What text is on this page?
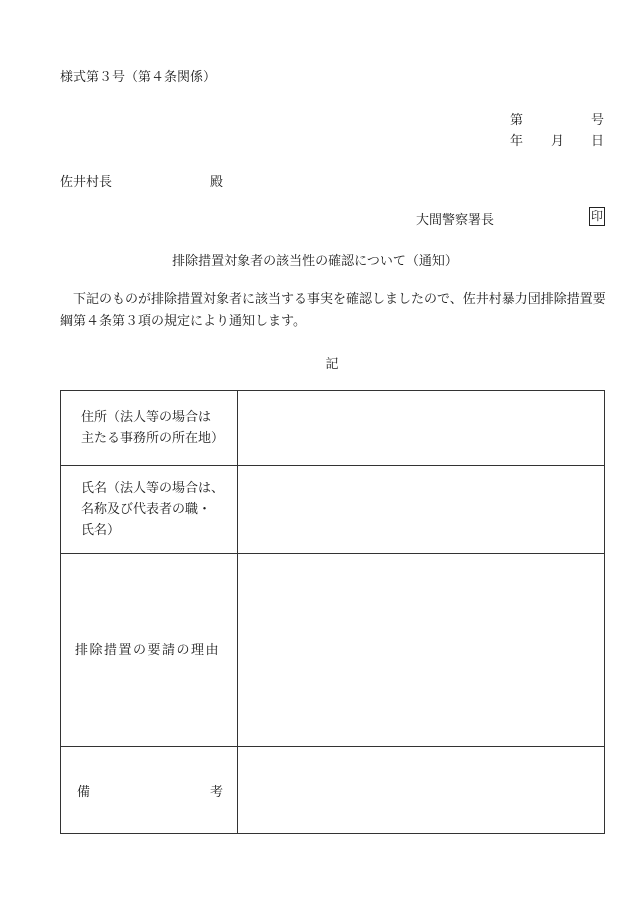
様式第３号（第４条関係）
第	号
年 月 日
佐井村長	殿
大間警察署長	印
排除措置対象者の該当性の確認について（通知）
下記のものが排除措置対象者に該当する事実を確認しましたので、佐井村暴力団排除措置要綱第４条第３項の規定により通知します。
記
住所（法人等の場合は
主たる事務所の所在地）	

氏名（法人等の場合は、
名称及び代表者の職・
氏名）	

排除措置の要請の理由	

備 考	
